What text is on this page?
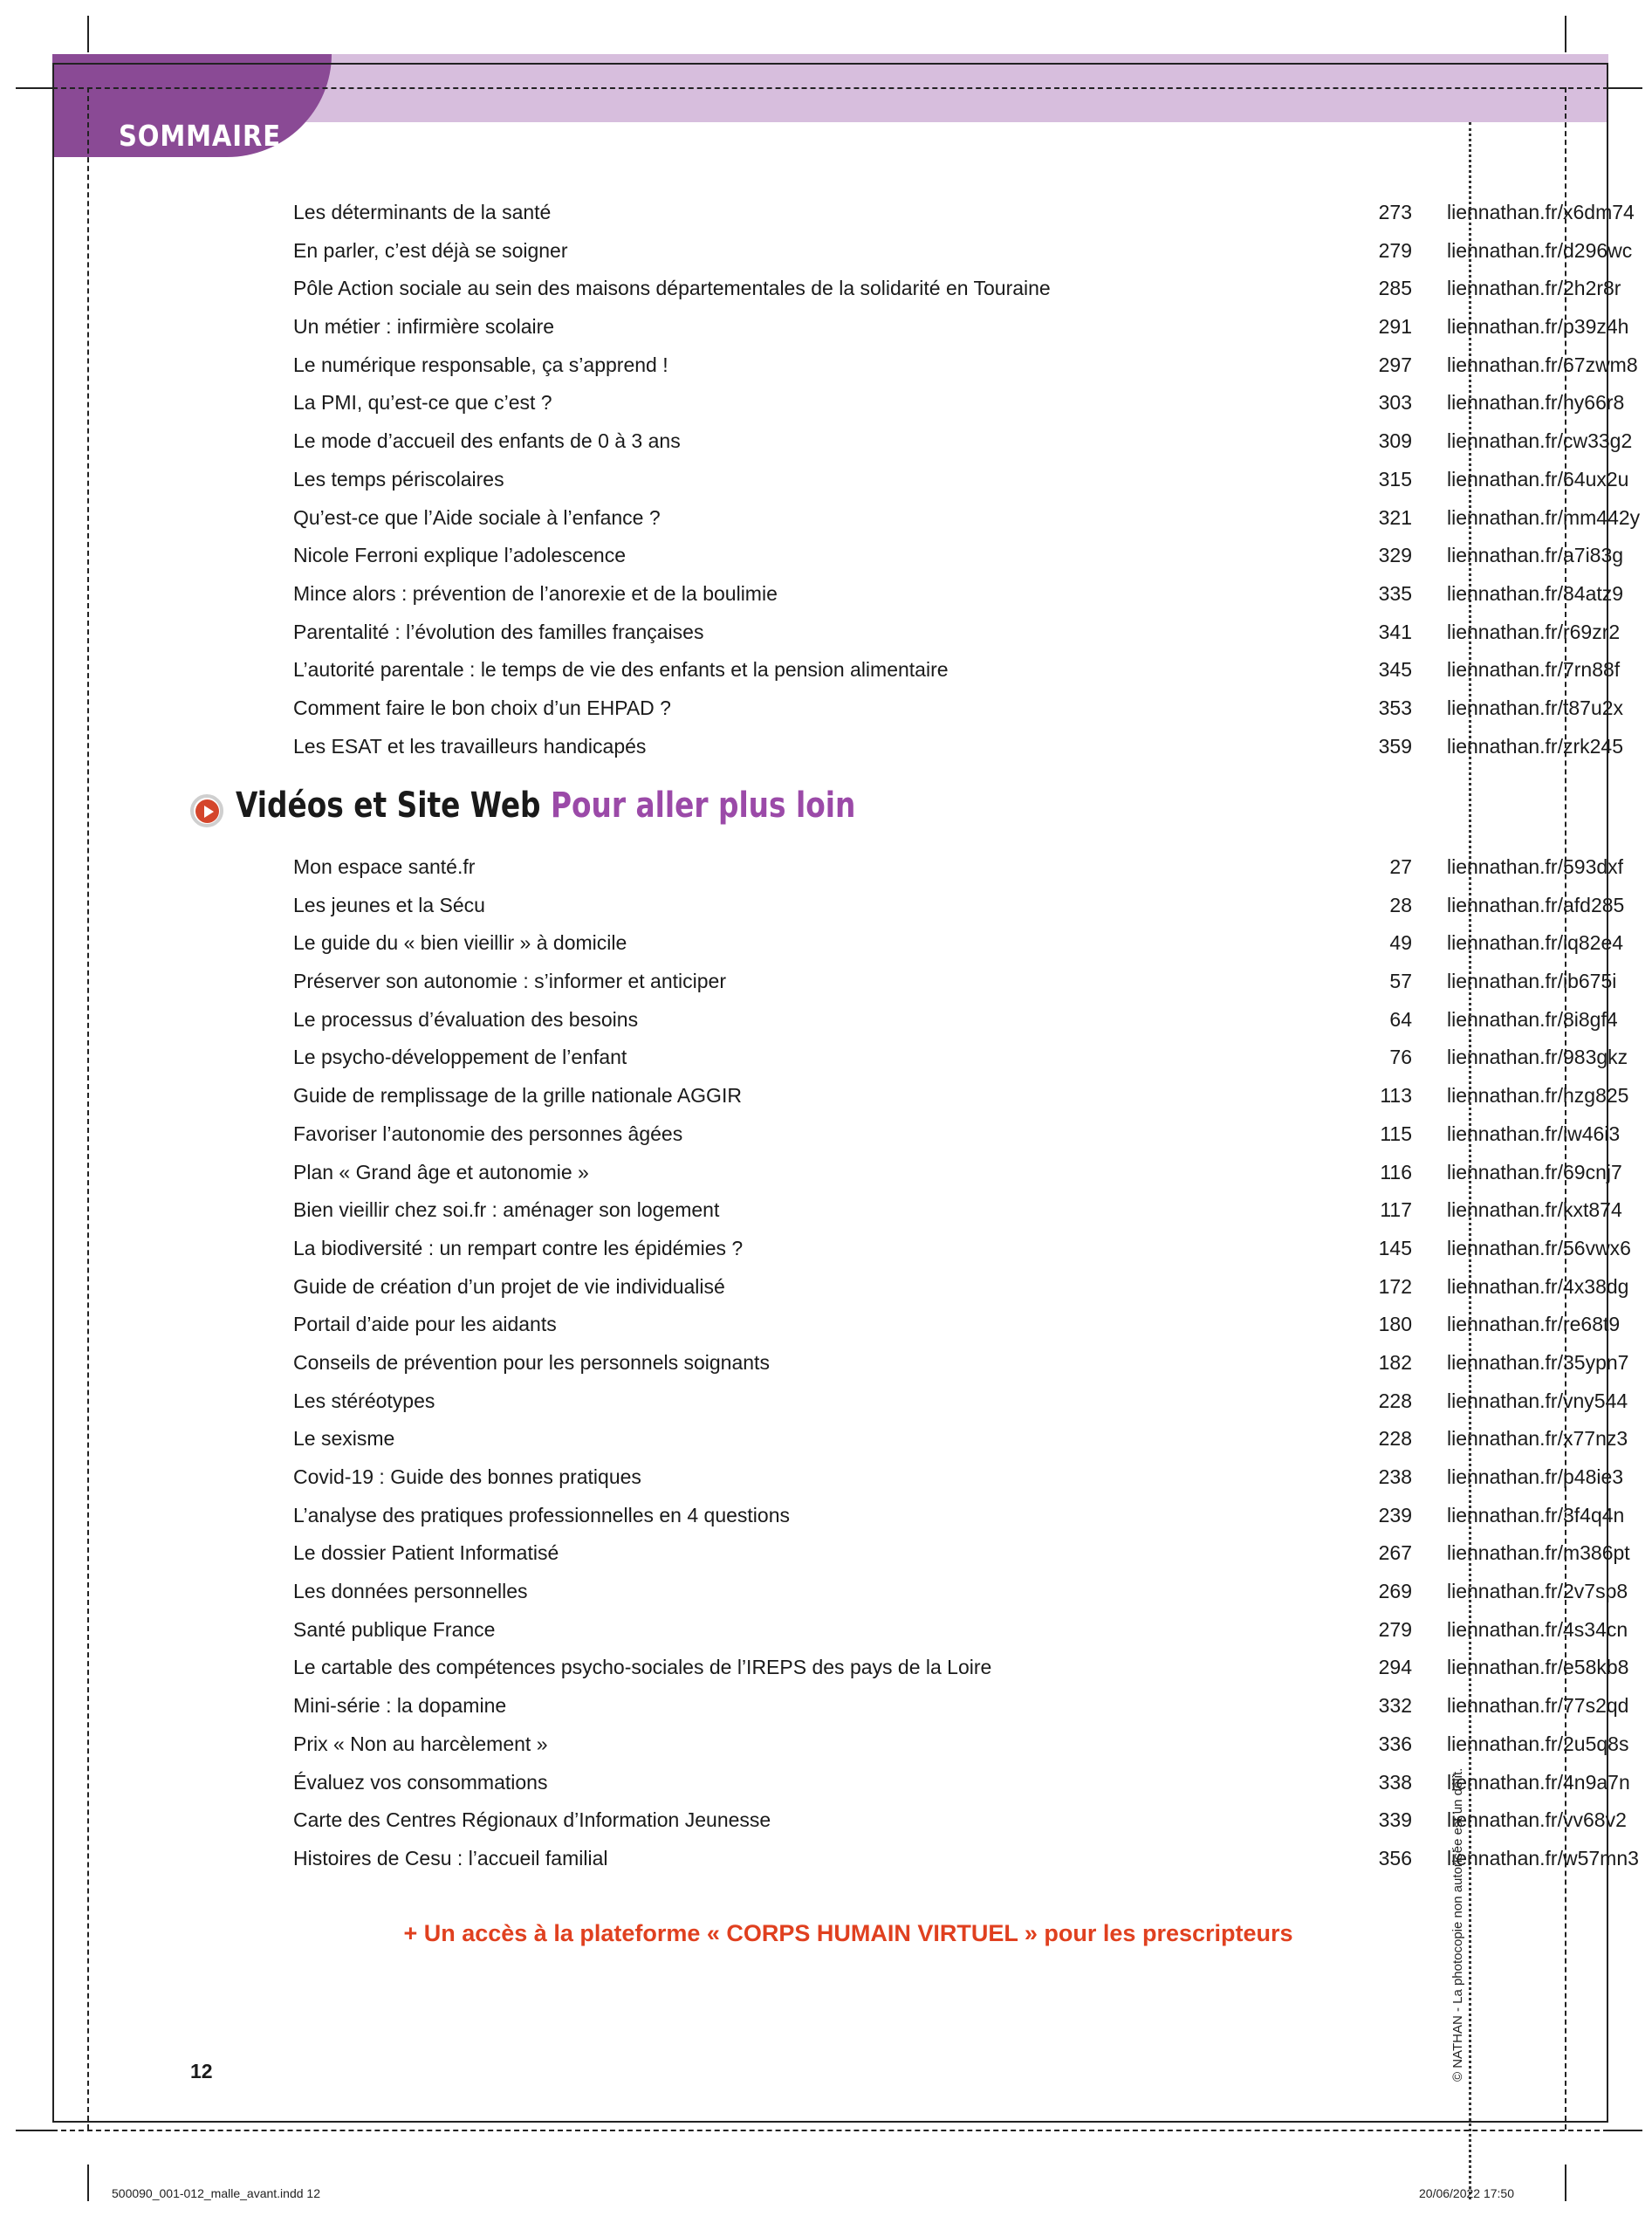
SOMMAIRE
Les déterminants de la santé	273 liennathan.fr/x6dm74
En parler, c’est déjà se soigner	279 liennathan.fr/d296wc
Pôle Action sociale au sein des maisons départementales de la solidarité en Touraine	285 liennathan.fr/2h2r8r
Un métier : infirmière scolaire	291 liennathan.fr/p39z4h
Le numérique responsable, ça s’apprend !	297 liennathan.fr/67zwm8
La PMI, qu’est-ce que c’est ?	303 liennathan.fr/hy66r8
Le mode d’accueil des enfants de 0 à 3 ans	309 liennathan.fr/cw33g2
Les temps périscolaires	315 liennathan.fr/64ux2u
Qu’est-ce que l’Aide sociale à l’enfance ?	321 liennathan.fr/mm442y
Nicole Ferroni explique l’adolescence	329 liennathan.fr/a7i83g
Mince alors : prévention de l’anorexie et de la boulimie	335 liennathan.fr/84atz9
Parentalité : l’évolution des familles françaises	341 liennathan.fr/r69zr2
L’autorité parentale : le temps de vie des enfants et la pension alimentaire	345 liennathan.fr/7rn88f
Comment faire le bon choix d’un EHPAD ?	353 liennathan.fr/t87u2x
Les ESAT et les travailleurs handicapés	359 liennathan.fr/zrk245
Vidéos et Site Web Pour aller plus loin
Mon espace santé.fr	27 liennathan.fr/593dxf
Les jeunes et la Sécu	28 liennathan.fr/afd285
Le guide du « bien vieillir » à domicile	49 liennathan.fr/iq82e4
Préserver son autonomie : s’informer et anticiper	57 liennathan.fr/ib675i
Le processus d’évaluation des besoins	64 liennathan.fr/8i8gf4
Le psycho-développement de l’enfant	76 liennathan.fr/983gkz
Guide de remplissage de la grille nationale AGGIR	113 liennathan.fr/hzg825
Favoriser l’autonomie des personnes âgées	115 liennathan.fr/iw46i3
Plan « Grand âge et autonomie »	116 liennathan.fr/69cnj7
Bien vieillir chez soi.fr : aménager son logement	117 liennathan.fr/kxt874
La biodiversité : un rempart contre les épidémies ?	145 liennathan.fr/56vwx6
Guide de création d’un projet de vie individualisé	172 liennathan.fr/4x38dg
Portail d’aide pour les aidants	180 liennathan.fr/re68t9
Conseils de prévention pour les personnels soignants	182 liennathan.fr/35ypn7
Les stéréotypes	228 liennathan.fr/vny544
Le sexisme	228 liennathan.fr/x77nz3
Covid-19 : Guide des bonnes pratiques	238 liennathan.fr/p48ie3
L’analyse des pratiques professionnelles en 4 questions	239 liennathan.fr/3f4q4n
Le dossier Patient Informatisé	267 liennathan.fr/m386pt
Les données personnelles	269 liennathan.fr/2v7sp8
Santé publique France	279 liennathan.fr/4s34cn
Le cartable des compétences psycho-sociales de l’IREPS des pays de la Loire	294 liennathan.fr/e58kb8
Mini-série : la dopamine	332 liennathan.fr/77s2qd
Prix « Non au harcèlement »	336 liennathan.fr/2u5q8s
Évaluez vos consommations	338 liennathan.fr/4n9a7n
Carte des Centres Régionaux d’Information Jeunesse	339 liennathan.fr/vv68v2
Histoires de Cesu : l’accueil familial	356 liennathan.fr/w57mn3
+ Un accès à la plateforme « CORPS HUMAIN VIRTUEL » pour les prescripteurs
12	© NATHAN - La photocopie non autorisée est un délit.
500090_001-012_malle_avant.indd 12	20/06/2022 17:50
